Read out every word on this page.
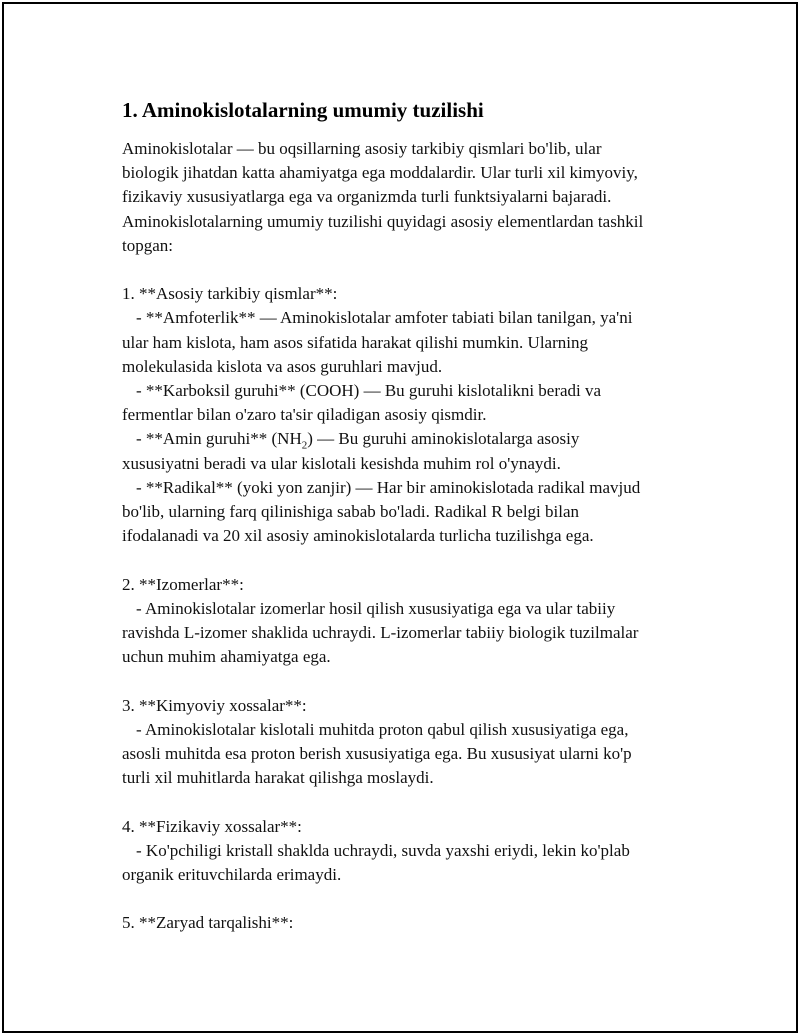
1. Aminokislotalarning umumiy tuzilishi
Aminokislotalar — bu oqsillarning asosiy tarkibiy qismlari bo'lib, ular
biologik jihatdan katta ahamiyatga ega moddalardir. Ular turli xil kimyoviy,
fizikaviy xususiyatlarga ega va organizmda turli funktsiyalarni bajaradi.
Aminokislotalarning umumiy tuzilishi quyidagi asosiy elementlardan tashkil
topgan:
1. **Asosiy tarkibiy qismlar**:
- **Amfoterlik** — Aminokislotalar amfoter tabiati bilan tanilgan, ya'ni
ular ham kislota, ham asos sifatida harakat qilishi mumkin. Ularning
molekulasida kislota va asos guruhlari mavjud.
- **Karboksil guruhi** (COOH) — Bu guruhi kislotalikni beradi va
fermentlar bilan o'zaro ta'sir qiladigan asosiy qismdir.
- **Amin guruhi** $(NH_2)$ — Bu guruhi aminokislotalarga asosiy
xususiyatni beradi va ular kislotali kesishda muhim rol o'ynaydi.
- **Radikal** (yoki yon zanjir) — Har bir aminokislotada radikal mavjud
bo'lib, ularning farq qilinishiga sabab bo'ladi. Radikal R belgi bilan
ifodalanadi va 20 xil asosiy aminokislotalarda turlicha tuzilishga ega.
2. **Izomerlar**:
- Aminokislotalar izomerlar hosil qilish xususiyatiga ega va ular tabiiy
ravishda L-izomer shaklida uchraydi. L-izomerlar tabiiy biologik tuzilmalar
uchun muhim ahamiyatga ega.
3. **Kimyoviy xossalar**:
- Aminokislotalar kislotali muhitda proton qabul qilish xususiyatiga ega,
asosli muhitda esa proton berish xususiyatiga ega. Bu xususiyat ularni ko'p
turli xil muhitlarda harakat qilishga moslaydi.
4. **Fizikaviy xossalar**:
- Ko'pchiligi kristall shaklda uchraydi, suvda yaxshi eriydi, lekin ko'plab
organik erituvchilarda erimaydi.
5. **Zaryad tarqalishi**:
